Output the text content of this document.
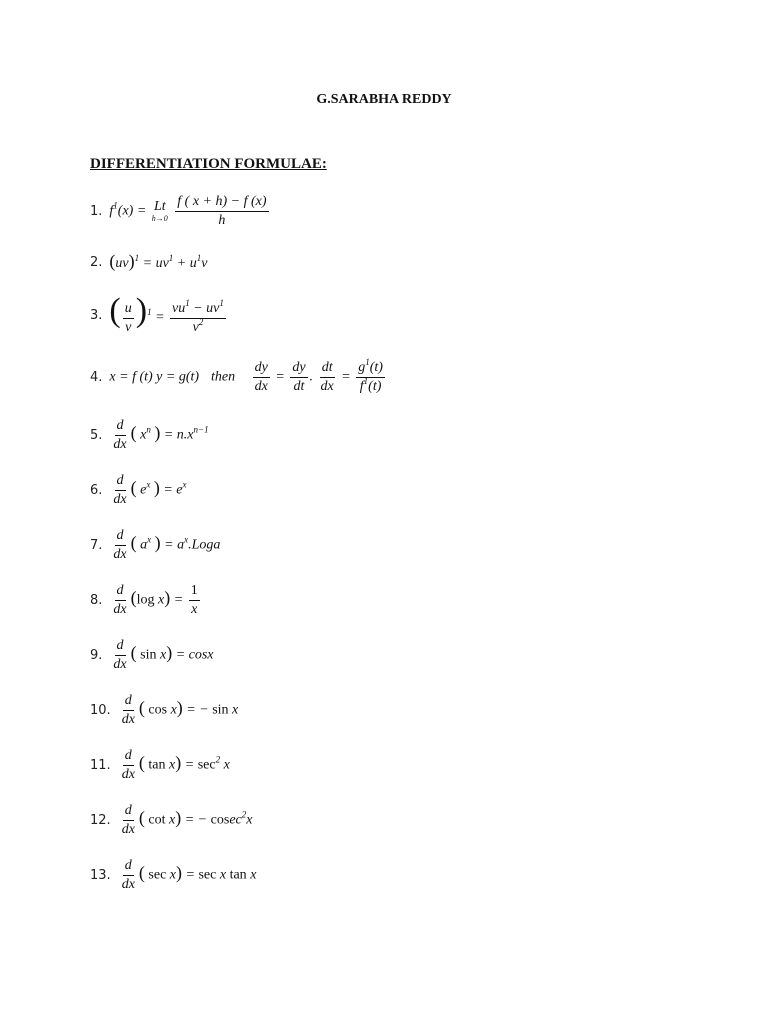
G.SARABHA REDDY
DIFFERENTIATION FORMULAE:
1. $f^1(x) = Lt$
h→0
$\frac{f ( x + h) - f (x)}{h}$
2. $(uv)^1 = uv^1 + u^1v$
3. ( $\frac{u}{v} )^1 = \frac{vu^1 - uv^1}{v^2}$
4. x = f (t) y = g(t) then $\frac{dy}{dx} = \frac{dy}{dt}$ . $\frac{dt}{dx} = \frac{g^1(t)}{f^1(t)}$
5. $\frac{d}{dx}$ ( $x^n$ ) = $n.x^{n-1}$
6. $\frac{d}{dx}$ ( $e^x$ ) = $e^x$
7. $\frac{d}{dx}$ ( $a^x$ ) = $a^x.Loga$
8. $\frac{d}{dx} (\log$ $x) = \frac{1}{x}$
9. $\frac{d}{dx}$ ( sin x) = cosx
10. $\frac{d}{dx}$ ( cos x) = − sin x
11. $\frac{d}{dx}$ ( $\tan x) = \sec^2 x$
12. $\frac{d}{dx}$ ( cot x) = − cosec$^2$x
13. $\frac{d}{dx}$ ( sec x) = sec x tan x
